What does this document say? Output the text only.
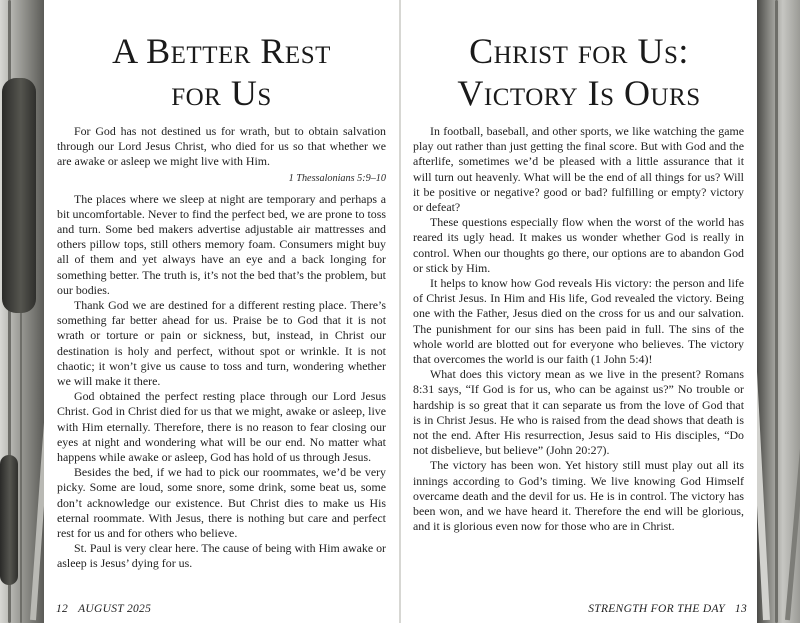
A Better Rest
for Us

For God has not destined us for wrath, but to obtain salvation through our Lord Jesus Christ, who died for us so that whether we are awake or asleep we might live with Him.

1 Thessalonians 5:9–10

The places where we sleep at night are temporary and perhaps a bit uncomfortable. Never to find the perfect bed, we are prone to toss and turn. Some bed makers advertise adjustable air mattresses and others pillow tops, still others memory foam. Consumers might buy all of them and yet always have an eye and a back longing for something better. The truth is, it’s not the bed that’s the problem, but our bodies.

Thank God we are destined for a different resting place. There’s something far better ahead for us. Praise be to God that it is not wrath or torture or pain or sickness, but, instead, in Christ our destination is holy and perfect, without spot or wrinkle. It is not chaotic; it won’t give us cause to toss and turn, wondering whether we will make it there.

God obtained the perfect resting place through our Lord Jesus Christ. God in Christ died for us that we might, awake or asleep, live with Him eternally. Therefore, there is no reason to fear closing our eyes at night and wondering what will be our end. No matter what happens while awake or asleep, God has hold of us through Jesus.

Besides the bed, if we had to pick our roommates, we’d be very picky. Some are loud, some snore, some drink, some beat us, some don’t acknowledge our existence. But Christ dies to make us His eternal roommate. With Jesus, there is nothing but care and perfect rest for us and for others who believe.

St. Paul is very clear here. The cause of being with Him awake or asleep is Jesus’ dying for us.

12 AUGUST 2025
Christ for Us:
Victory Is Ours

In football, baseball, and other sports, we like watching the game play out rather than just getting the final score. But with God and the afterlife, sometimes we’d be pleased with a little assurance that it will turn out heavenly. What will be the end of all things for us? Will it be positive or negative? good or bad? fulfilling or empty? victory or defeat?

These questions especially flow when the worst of the world has reared its ugly head. It makes us wonder whether God is really in control. When our thoughts go there, our options are to abandon God or stick by Him.

It helps to know how God reveals His victory: the person and life of Christ Jesus. In Him and His life, God revealed the victory. Being one with the Father, Jesus died on the cross for us and our salvation. The punishment for our sins has been paid in full. The sins of the whole world are blotted out for everyone who believes. The victory that overcomes the world is our faith (1 John 5:4)!

What does this victory mean as we live in the present? Romans 8:31 says, “If God is for us, who can be against us?” No trouble or hardship is so great that it can separate us from the love of God that is in Christ Jesus. He who is raised from the dead shows that death is not the end. After His resurrection, Jesus said to His disciples, “Do not disbelieve, but believe” (John 20:27).

The victory has been won. Yet history still must play out all its innings according to God’s timing. We live knowing God Himself overcame death and the devil for us. He is in control. The victory has been won, and we have heard it. Therefore the end will be glorious, and it is glorious even now for those who are in Christ.

STRENGTH FOR THE DAY 13
